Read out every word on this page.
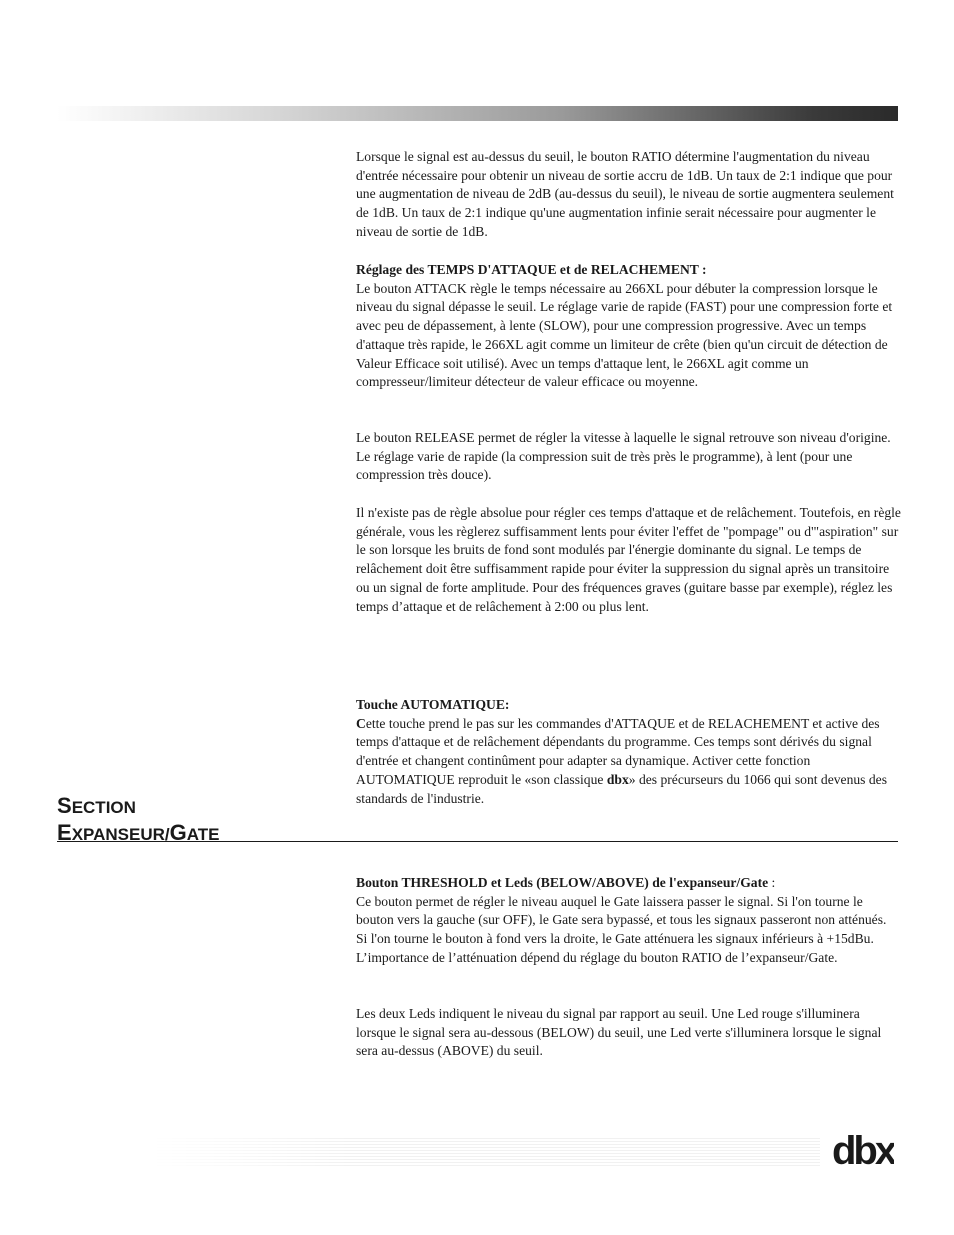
Lorsque le signal est au-dessus du seuil, le bouton RATIO détermine l'augmentation du niveau d'entrée nécessaire pour obtenir un niveau de sortie accru de 1dB. Un taux de 2:1 indique que pour une augmentation de niveau de 2dB (au-dessus du seuil), le niveau de sortie augmentera seulement de 1dB. Un taux de 2:1 indique qu'une augmentation infinie serait nécessaire pour augmenter le niveau de sortie de 1dB.

Réglage des TEMPS D'ATTAQUE et de RELACHEMENT :

Le bouton ATTACK règle le temps nécessaire au 266XL pour débuter la compression lorsque le niveau du signal dépasse le seuil. Le réglage varie de rapide (FAST) pour une compression forte et avec peu de dépassement, à lente (SLOW), pour une compression progressive. Avec un temps d'attaque très rapide, le 266XL agit comme un limiteur de crête (bien qu'un circuit de détection de Valeur Efficace soit utilisé). Avec un temps d'attaque lent, le 266XL agit comme un compresseur/limiteur détecteur de valeur efficace ou moyenne.

Le bouton RELEASE permet de régler la vitesse à laquelle le signal retrouve son niveau d'origine. Le réglage varie de rapide (la compression suit de très près le programme), à lent (pour une compression très douce).

Il n'existe pas de règle absolue pour régler ces temps d'attaque et de relâchement. Toutefois, en règle générale, vous les règlerez suffisamment lents pour éviter l'effet de "pompage" ou d'"aspiration" sur le son lorsque les bruits de fond sont modulés par l'énergie dominante du signal. Le temps de relâchement doit être suffisamment rapide pour éviter la suppression du signal après un transitoire ou un signal de forte amplitude. Pour des fréquences graves (guitare basse par exemple), réglez les temps d’attaque et de relâchement à 2:00 ou plus lent.

Touche AUTOMATIQUE:

Cette touche prend le pas sur les commandes d'ATTAQUE et de RELACHEMENT et active des temps d'attaque et de relâchement dépendants du programme. Ces temps sont dérivés du signal d'entrée et changent continûment pour adapter sa dynamique. Activer cette fonction AUTOMATIQUE reproduit le «son classique dbx» des précurseurs du 1066 qui sont devenus des standards de l'industrie.

SECTION
EXPANSEUR/GATE

Bouton THRESHOLD et Leds (BELOW/ABOVE) de l'expanseur/Gate :

Ce bouton permet de régler le niveau auquel le Gate laissera passer le signal. Si l'on tourne le bouton vers la gauche (sur OFF), le Gate sera bypassé, et tous les signaux passeront non atténués. Si l'on tourne le bouton à fond vers la droite, le Gate atténuera les signaux inférieurs à +15dBu. L’importance de l’atténuation dépend du réglage du bouton RATIO de l’expanseur/Gate.

Les deux Leds indiquent le niveau du signal par rapport au seuil. Une Led rouge s'illuminera lorsque le signal sera au-dessous (BELOW) du seuil, une Led verte s'illuminera lorsque le signal sera au-dessus (ABOVE) du seuil.

dbx
